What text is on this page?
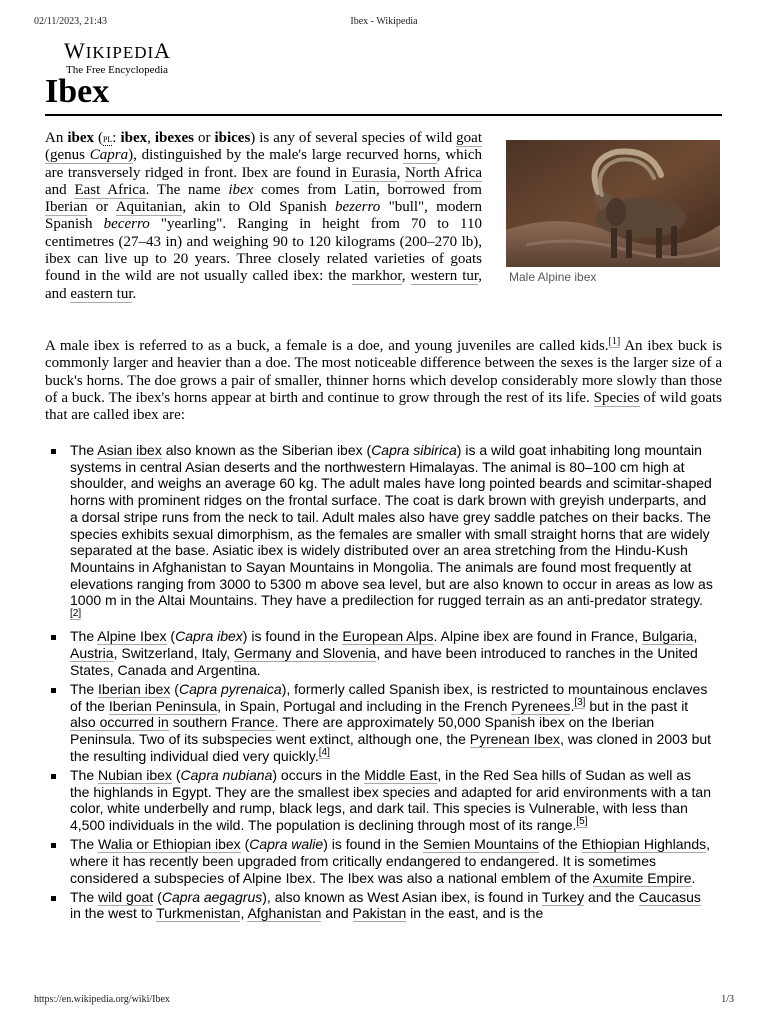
02/11/2023, 21:43	Ibex - Wikipedia
WIKIPEDIA
The Free Encyclopedia
Ibex
Male Alpine ibex

An ibex (pl: ibex, ibexes or ibices) is any of several species of wild goat (genus Capra), distinguished by the male's large recurved horns, which are transversely ridged in front. Ibex are found in Eurasia, North Africa and East Africa. The name ibex comes from Latin, borrowed from Iberian or Aquitanian, akin to Old Spanish bezerro "bull", modern Spanish becerro "yearling". Ranging in height from 70 to 110 centimetres (27–43 in) and weighing 90 to 120 kilograms (200–270 lb), ibex can live up to 20 years. Three closely related varieties of goats found in the wild are not usually called ibex: the markhor, western tur, and eastern tur.

A male ibex is referred to as a buck, a female is a doe, and young juveniles are called kids.[1] An ibex buck is commonly larger and heavier than a doe. The most noticeable difference between the sexes is the larger size of a buck's horns. The doe grows a pair of smaller, thinner horns which develop considerably more slowly than those of a buck. The ibex's horns appear at birth and continue to grow through the rest of its life. Species of wild goats that are called ibex are:

The Asian ibex also known as the Siberian ibex (Capra sibirica) is a wild goat inhabiting long mountain systems in central Asian deserts and the northwestern Himalayas. The animal is 80–100 cm high at shoulder, and weighs an average 60 kg. The adult males have long pointed beards and scimitar-shaped horns with prominent ridges on the frontal surface. The coat is dark brown with greyish underparts, and a dorsal stripe runs from the neck to tail. Adult males also have grey saddle patches on their backs. The species exhibits sexual dimorphism, as the females are smaller with small straight horns that are widely separated at the base. Asiatic ibex is widely distributed over an area stretching from the Hindu-Kush Mountains in Afghanistan to Sayan Mountains in Mongolia. The animals are found most frequently at elevations ranging from 3000 to 5300 m above sea level, but are also known to occur in areas as low as 1000 m in the Altai Mountains. They have a predilection for rugged terrain as an anti-predator strategy.[2]
The Alpine Ibex (Capra ibex) is found in the European Alps. Alpine ibex are found in France, Bulgaria, Austria, Switzerland, Italy, Germany and Slovenia, and have been introduced to ranches in the United States, Canada and Argentina.
The Iberian ibex (Capra pyrenaica), formerly called Spanish ibex, is restricted to mountainous enclaves of the Iberian Peninsula, in Spain, Portugal and including in the French Pyrenees.[3] but in the past it also occurred in southern France. There are approximately 50,000 Spanish ibex on the Iberian Peninsula. Two of its subspecies went extinct, although one, the Pyrenean Ibex, was cloned in 2003 but the resulting individual died very quickly.[4]
The Nubian ibex (Capra nubiana) occurs in the Middle East, in the Red Sea hills of Sudan as well as the highlands in Egypt. They are the smallest ibex species and adapted for arid environments with a tan color, white underbelly and rump, black legs, and dark tail. This species is Vulnerable, with less than 4,500 individuals in the wild. The population is declining through most of its range.[5]
The Walia or Ethiopian ibex (Capra walie) is found in the Semien Mountains of the Ethiopian Highlands, where it has recently been upgraded from critically endangered to endangered. It is sometimes considered a subspecies of Alpine Ibex. The Ibex was also a national emblem of the Axumite Empire.
The wild goat (Capra aegagrus), also known as West Asian ibex, is found in Turkey and the Caucasus in the west to Turkmenistan, Afghanistan and Pakistan in the east, and is the
https://en.wikipedia.org/wiki/Ibex	1/3
